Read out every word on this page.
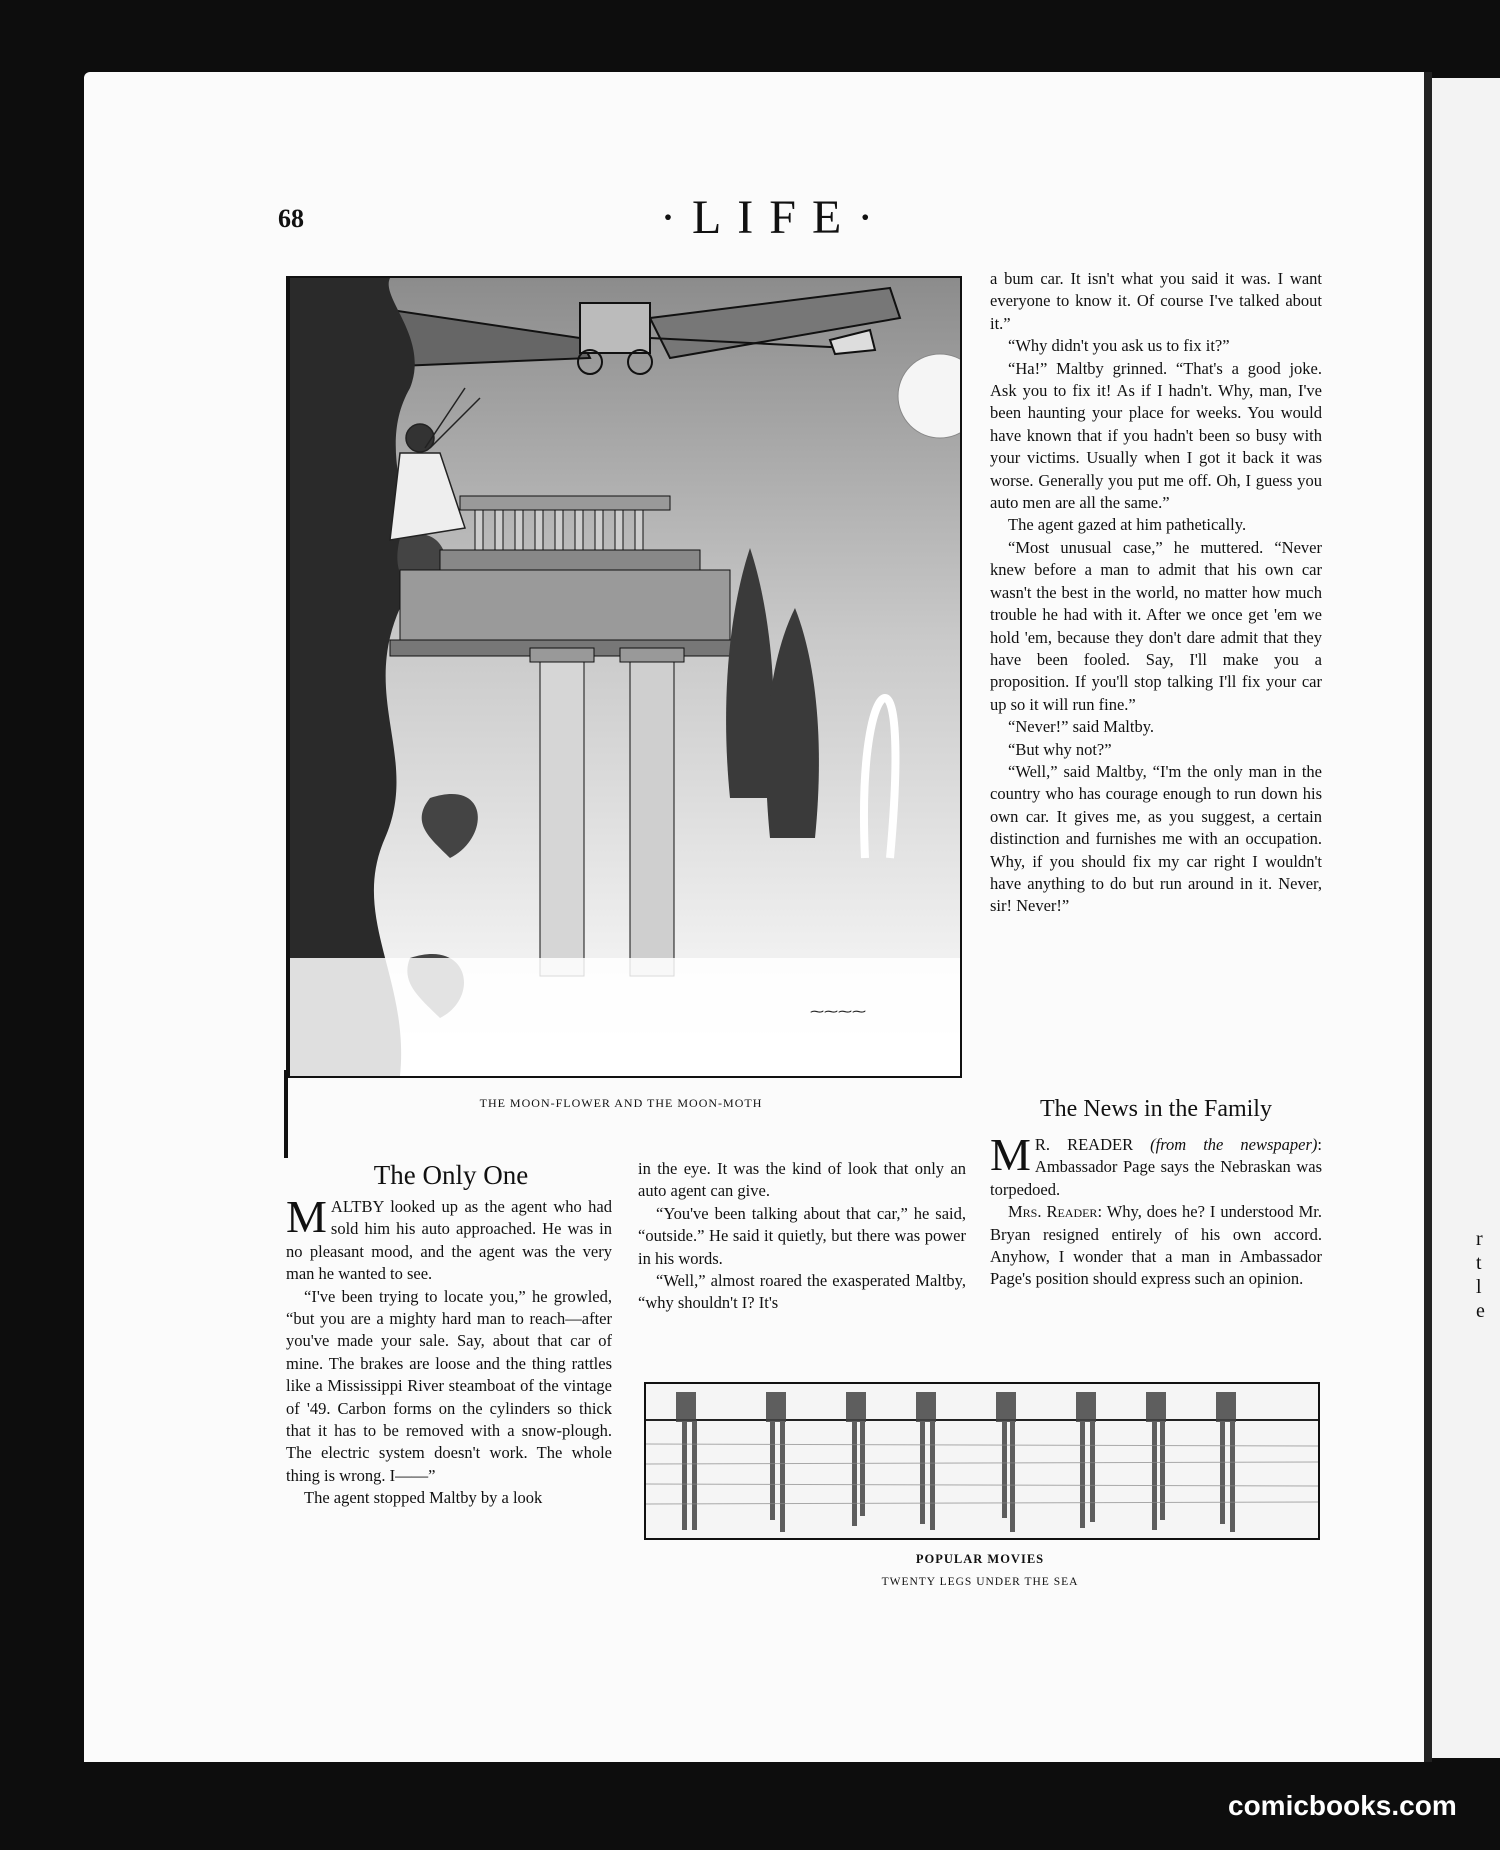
r
t
l
e
68	·LIFE·
⁓⁓⁓⁓
THE MOON-FLOWER AND THE MOON-MOTH
The Only One

MALTBY looked up as the agent who had sold him his auto approached. He was in no pleasant mood, and the agent was the very man he wanted to see.

“I've been trying to locate you,” he growled, “but you are a mighty hard man to reach—after you've made your sale. Say, about that car of mine. The brakes are loose and the thing rattles like a Mississippi River steamboat of the vintage of '49. Carbon forms on the cylinders so thick that it has to be removed with a snow-plough. The electric system doesn't work. The whole thing is wrong. I——”

The agent stopped Maltby by a look

in the eye. It was the kind of look that only an auto agent can give.

“You've been talking about that car,” he said, “outside.” He said it quietly, but there was power in his words.

“Well,” almost roared the exasperated Maltby, “why shouldn't I? It's

a bum car. It isn't what you said it was. I want everyone to know it. Of course I've talked about it.”

“Why didn't you ask us to fix it?”

“Ha!” Maltby grinned. “That's a good joke. Ask you to fix it! As if I hadn't. Why, man, I've been haunting your place for weeks. You would have known that if you hadn't been so busy with your victims. Usually when I got it back it was worse. Generally you put me off. Oh, I guess you auto men are all the same.”

The agent gazed at him pathetically.

“Most unusual case,” he muttered. “Never knew before a man to admit that his own car wasn't the best in the world, no matter how much trouble he had with it. After we once get 'em we hold 'em, because they don't dare admit that they have been fooled. Say, I'll make you a proposition. If you'll stop talking I'll fix your car up so it will run fine.”

“Never!” said Maltby.

“But why not?”

“Well,” said Maltby, “I'm the only man in the country who has courage enough to run down his own car. It gives me, as you suggest, a certain distinction and furnishes me with an occupation. Why, if you should fix my car right I wouldn't have anything to do but run around in it. Never, sir! Never!”

The News in the Family

M R. READER (from the newspaper): Ambassador Page says the Nebraskan was torpedoed.

Mrs. Reader: Why, does he? I understood Mr. Bryan resigned entirely of his own accord. Anyhow, I wonder that a man in Ambassador Page's position should express such an opinion.

POPULAR MOVIES
TWENTY LEGS UNDER THE SEA
comicbooks.com
